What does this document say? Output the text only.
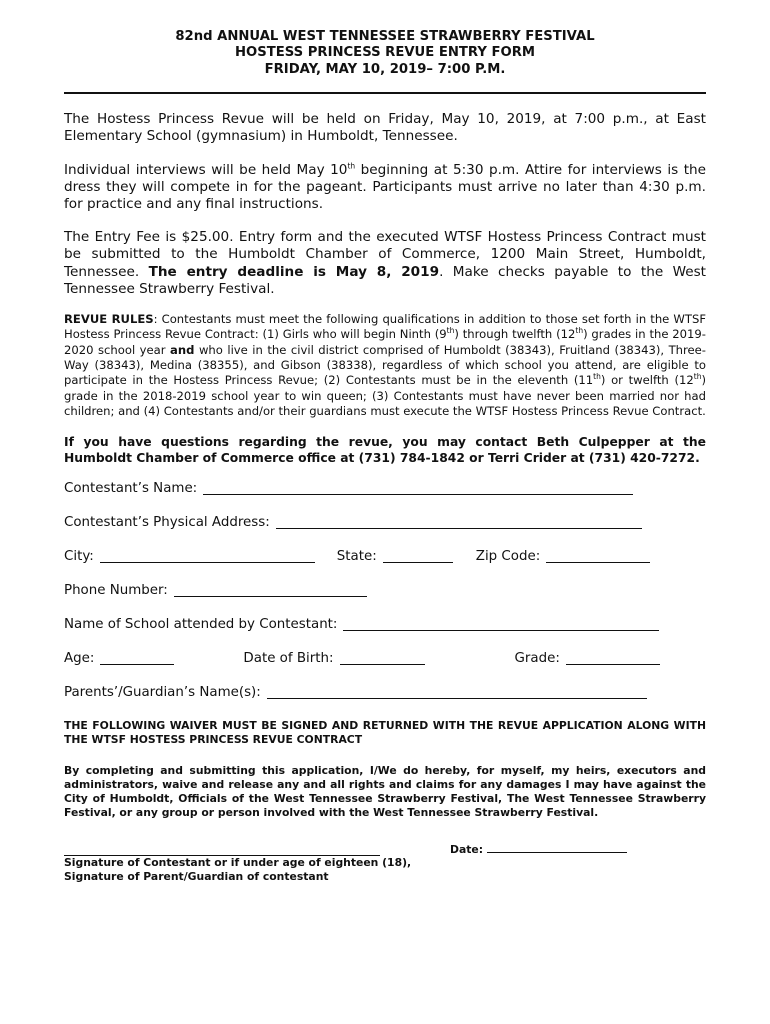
82nd ANNUAL WEST TENNESSEE STRAWBERRY FESTIVAL
HOSTESS PRINCESS REVUE ENTRY FORM
FRIDAY, MAY 10, 2019– 7:00 P.M.

The Hostess Princess Revue will be held on Friday, May 10, 2019, at 7:00 p.m., at East Elementary School (gymnasium) in Humboldt, Tennessee.

Individual interviews will be held May 10th beginning at 5:30 p.m. Attire for interviews is the dress they will compete in for the pageant. Participants must arrive no later than 4:30 p.m. for practice and any final instructions.

The Entry Fee is $25.00. Entry form and the executed WTSF Hostess Princess Contract must be submitted to the Humboldt Chamber of Commerce, 1200 Main Street, Humboldt, Tennessee. The entry deadline is May 8, 2019. Make checks payable to the West Tennessee Strawberry Festival.

REVUE RULES: Contestants must meet the following qualifications in addition to those set forth in the WTSF Hostess Princess Revue Contract: (1) Girls who will begin Ninth (9th) through twelfth (12th) grades in the 2019-2020 school year and who live in the civil district comprised of Humboldt (38343), Fruitland (38343), Three-Way (38343), Medina (38355), and Gibson (38338), regardless of which school you attend, are eligible to participate in the Hostess Princess Revue; (2) Contestants must be in the eleventh (11th) or twelfth (12th) grade in the 2018-2019 school year to win queen; (3) Contestants must have never been married nor had children; and (4) Contestants and/or their guardians must execute the WTSF Hostess Princess Revue Contract.

If you have questions regarding the revue, you may contact Beth Culpepper at the Humboldt Chamber of Commerce office at (731) 784-1842 or Terri Crider at (731) 420-7272.

Contestant’s Name:
Contestant’s Physical Address:
City:	State:	Zip Code:
Phone Number:
Name of School attended by Contestant:
Age:	Date of Birth:	Grade:
Parents’/Guardian’s Name(s):

THE FOLLOWING WAIVER MUST BE SIGNED AND RETURNED WITH THE REVUE APPLICATION ALONG WITH THE WTSF HOSTESS PRINCESS REVUE CONTRACT

By completing and submitting this application, I/We do hereby, for myself, my heirs, executors and administrators, waive and release any and all rights and claims for any damages I may have against the City of Humboldt, Officials of the West Tennessee Strawberry Festival, The West Tennessee Strawberry Festival, or any group or person involved with the West Tennessee Strawberry Festival.

Date:
Signature of Contestant or if under age of eighteen (18),
Signature of Parent/Guardian of contestant
